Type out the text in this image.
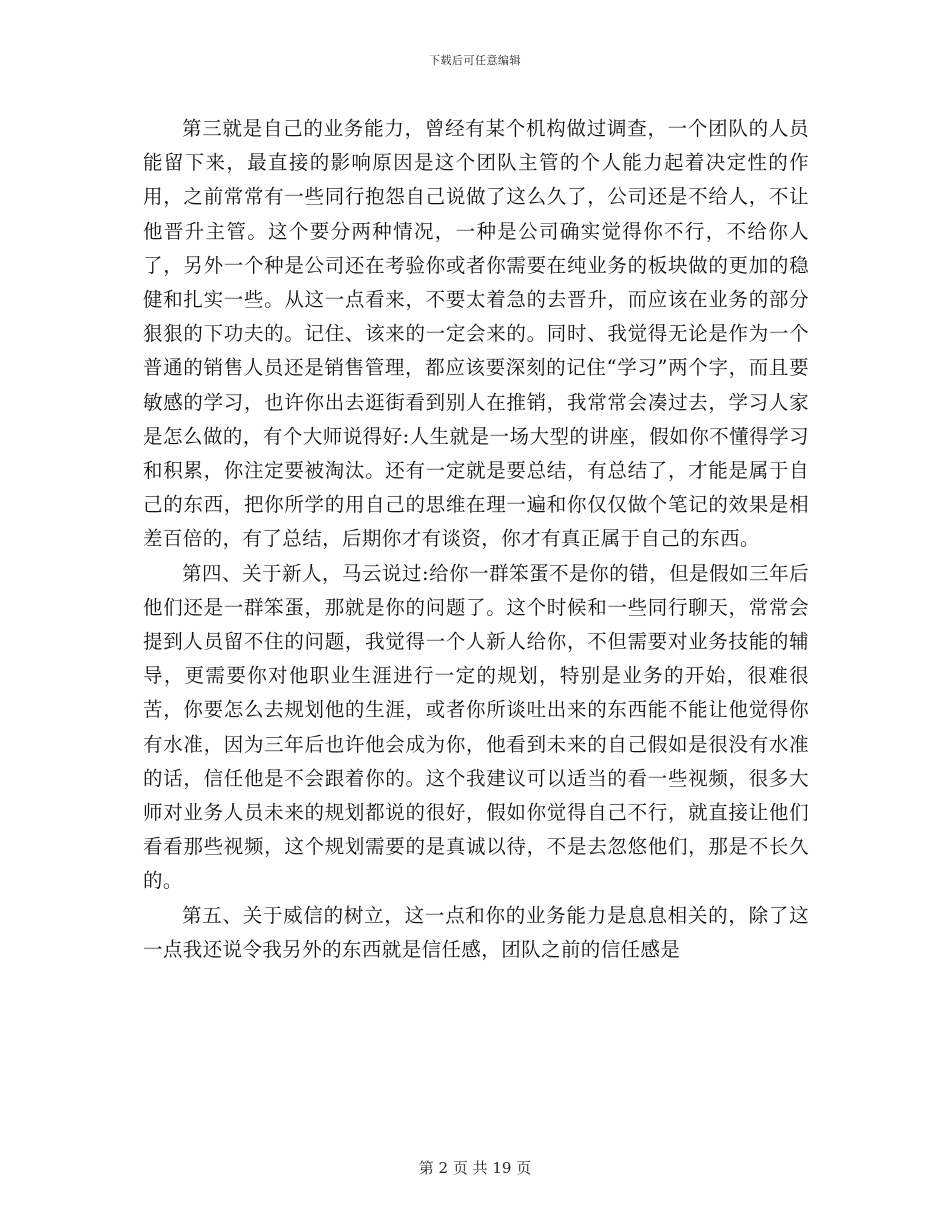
下载后可任意编辑

第三就是自己的业务能力，曾经有某个机构做过调查，一个团队的人员能留下来，最直接的影响原因是这个团队主管的个人能力起着决定性的作用，之前常常有一些同行抱怨自己说做了这么久了，公司还是不给人，不让他晋升主管。这个要分两种情况，一种是公司确实觉得你不行，不给你人了，另外一个种是公司还在考验你或者你需要在纯业务的板块做的更加的稳健和扎实一些。从这一点看来，不要太着急的去晋升，而应该在业务的部分狠狠的下功夫的。记住、该来的一定会来的。同时、我觉得无论是作为一个普通的销售人员还是销售管理，都应该要深刻的记住“学习”两个字，而且要敏感的学习，也许你出去逛街看到别人在推销，我常常会凑过去，学习人家是怎么做的，有个大师说得好:人生就是一场大型的讲座，假如你不懂得学习和积累，你注定要被淘汰。还有一定就是要总结，有总结了，才能是属于自己的东西，把你所学的用自己的思维在理一遍和你仅仅做个笔记的效果是相差百倍的，有了总结，后期你才有谈资，你才有真正属于自己的东西。

第四、关于新人，马云说过:给你一群笨蛋不是你的错，但是假如三年后他们还是一群笨蛋，那就是你的问题了。这个时候和一些同行聊天，常常会提到人员留不住的问题，我觉得一个人新人给你，不但需要对业务技能的辅导，更需要你对他职业生涯进行一定的规划，特别是业务的开始，很难很苦，你要怎么去规划他的生涯，或者你所谈吐出来的东西能不能让他觉得你有水准，因为三年后也许他会成为你，他看到未来的自己假如是很没有水准的话，信任他是不会跟着你的。这个我建议可以适当的看一些视频，很多大师对业务人员未来的规划都说的很好，假如你觉得自己不行，就直接让他们看看那些视频，这个规划需要的是真诚以待，不是去忽悠他们，那是不长久的。

第五、关于威信的树立，这一点和你的业务能力是息息相关的，除了这一点我还说令我另外的东西就是信任感，团队之前的信任感是

第 2 页 共 19 页
